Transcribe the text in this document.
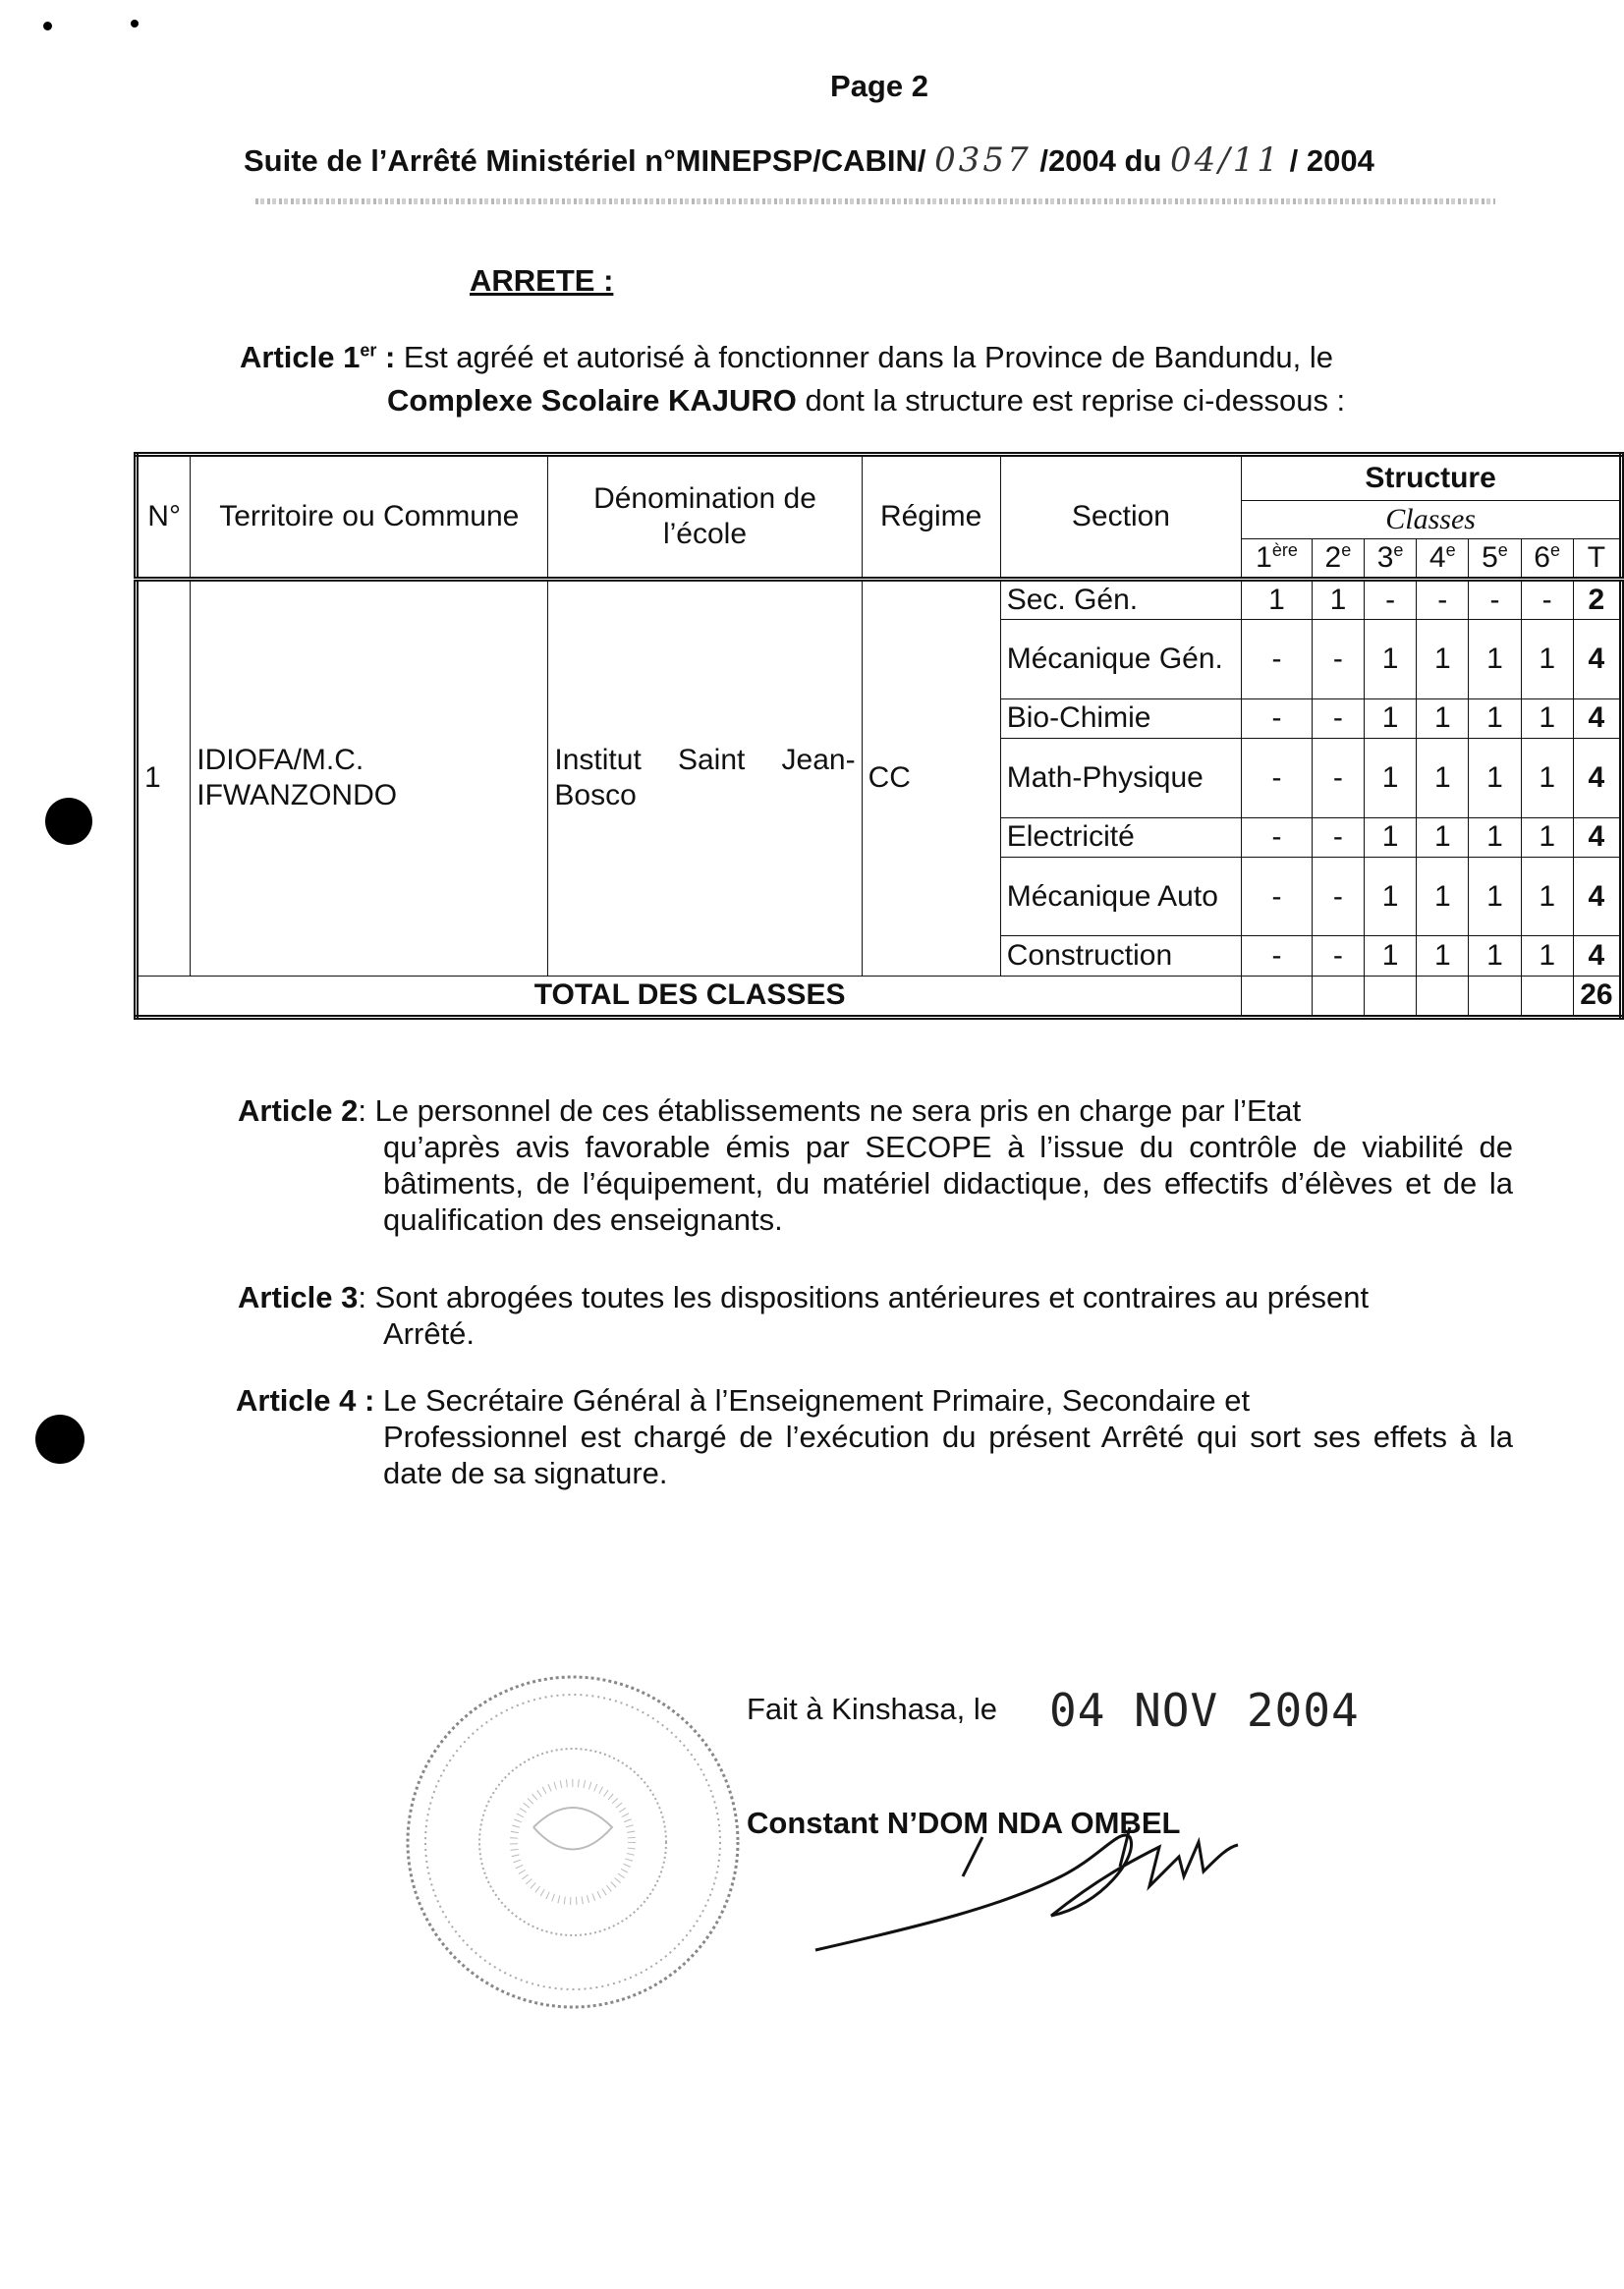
Page 2
Suite de l’Arrêté Ministériel n°MINEPSP/CABIN/ 0357 /2004 du 04/11 / 2004
ARRETE :
Article 1er : Est agréé et autorisé à fonctionner dans la Province de Bandundu, le
Complexe Scolaire KAJURO dont la structure est reprise ci-dessous :
N°	Territoire ou Commune	Dénomination de l’école	Régime	Section	Structure						
					Classes						
					1ère	2e	3e	4e	5e	6e	T
1	IDIOFA/M.C. IFWANZONDO	Institut Saint Jean-Bosco	CC	Sec. Gén.	1	1	-	-	-	-	2
				Mécanique Gén.	-	-	1	1	1	1	4
				Bio-Chimie	-	-	1	1	1	1	4
				Math-Physique	-	-	1	1	1	1	4
				Electricité	-	-	1	1	1	1	4
				Mécanique Auto	-	-	1	1	1	1	4
				Construction	-	-	1	1	1	1	4
TOTAL DES CLASSES											26
Article 2: Le personnel de ces établissements ne sera pris en charge par l’Etat
qu’après avis favorable émis par SECOPE à l’issue du contrôle de viabilité de bâtiments, de l’équipement, du matériel didactique, des effectifs d’élèves et de la qualification des enseignants.
Article 3: Sont abrogées toutes les dispositions antérieures et contraires au présent
Arrêté.
Article 4 : Le Secrétaire Général à l’Enseignement Primaire, Secondaire et
Professionnel est chargé de l’exécution du présent Arrêté qui sort ses effets à la date de sa signature.
Fait à Kinshasa, le 04 NOV 2004
Constant N’DOM NDA OMBEL
